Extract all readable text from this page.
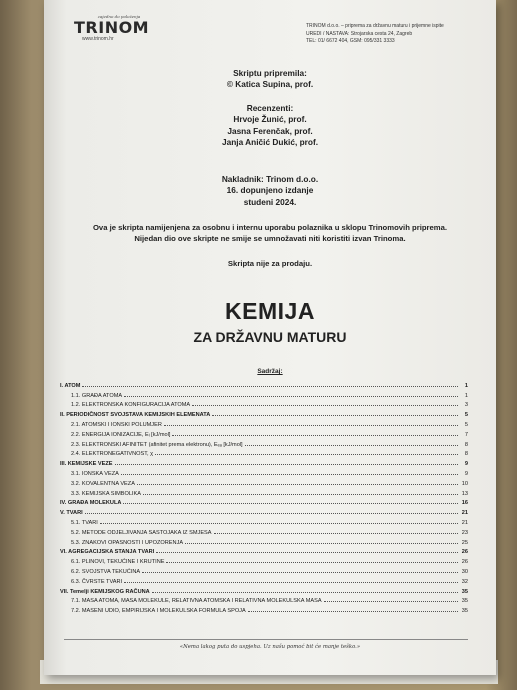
zajedno do položenja
TRINOM
www.trinom.hr
TRINOM d.o.o. – priprema za državnu maturu i prijemne ispite
UREDI / NASTAVA: Strojarska cesta 24, Zagreb
TEL: 01/ 6672 404, GSM: 095/331 3333
Skriptu pripremila:
© Katica Supina, prof.
Recenzenti:
Hrvoje Žunić, prof.
Jasna Ferenčak, prof.
Janja Aničić Dukić, prof.
Nakladnik: Trinom d.o.o.
16. dopunjeno izdanje
studeni 2024.
Ova je skripta namijenjena za osobnu i internu uporabu polaznika u sklopu Trinomovih priprema.
Nijedan dio ove skripte ne smije se umnožavati niti koristiti izvan Trinoma.
Skripta nije za prodaju.
KEMIJA
ZA DRŽAVNU MATURU
Sadržaj:
I. ATOM	1
1.1. GRAĐA ATOMA	1
1.2. ELEKTRONSKA KONFIGURACIJA ATOMA	3
II. PERIODIČNOST SVOJSTAVA KEMIJSKIH ELEMENATA	5
2.1. ATOMSKI I IONSKI POLUMJER	5
2.2. ENERGIJA IONIZACIJE, Eᵢ [kJ/mol]	7
2.3. ELEKTRONSKI AFINITET (afinitet prema elektronu), Eₑₐ [kJ/mol]	8
2.4. ELEKTRONEGATIVNOST, χ	8
III. KEMIJSKE VEZE	9
3.1. IONSKA VEZA	9
3.2. KOVALENTNA VEZA	10
3.3. KEMIJSKA SIMBOLIKA	13
IV. GRAĐA MOLEKULA	16
V. TVARI	21
5.1. TVARI	21
5.2. METODE ODJELJIVANJA SASTOJAKA IZ SMJESA	23
5.3. ZNAKOVI OPASNOSTI I UPOZORENJA	25
VI. AGREGACIJSKA STANJA TVARI	26
6.1. PLINOVI, TEKUĆINE I KRUTINE	26
6.2. SVOJSTVA TEKUĆINA	30
6.3. ČVRSTE TVARI	32
VII. Temelji KEMIJSKOG RAČUNA	35
7.1. MASA ATOMA, MASA MOLEKULE, RELATIVNA ATOMSKA I RELATIVNA MOLEKULSKA MASA	35
7.2. MASENI UDIO, EMPIRIJSKA I MOLEKULSKA FORMULA SPOJA	35
«Nema lakog puta do uspjeha. Uz našu pomoć bit će manje teško.»
